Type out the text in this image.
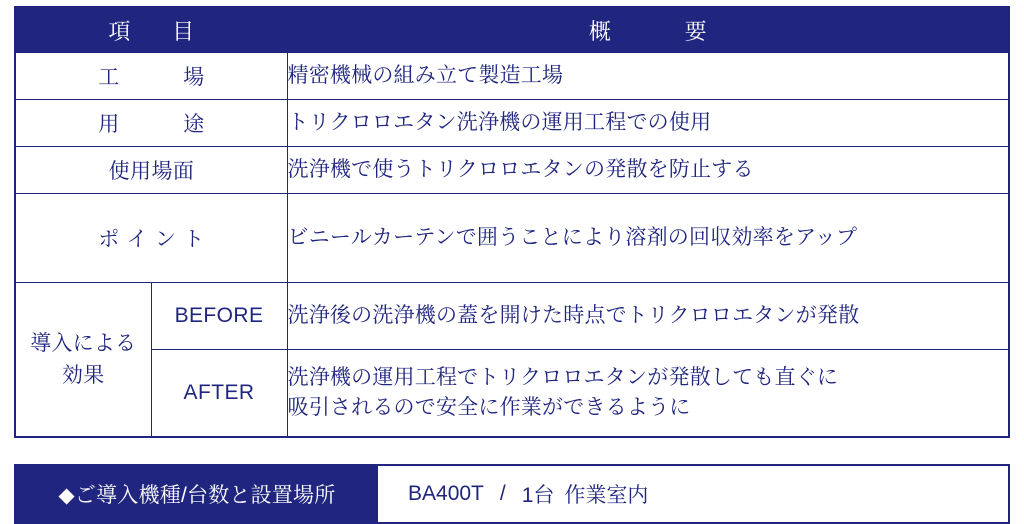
項　目		概　　要
工　　場		精密機械の組み立て製造工場
用　　途		トリクロロエタン洗浄機の運用工程での使用
使用場面		洗浄機で使うトリクロロエタンの発散を防止する
ポイント		ビニールカーテンで囲うことにより溶剤の回収効率をアップ
導入による
効果	BEFORE	洗浄後の洗浄機の蓋を開けた時点でトリクロロエタンが発散
	AFTER	洗浄機の運用工程でトリクロロエタンが発散しても直ぐに
吸引されるので安全に作業ができるように
◆ご導入機種/台数と設置場所	BA400T / 1台 作業室内
